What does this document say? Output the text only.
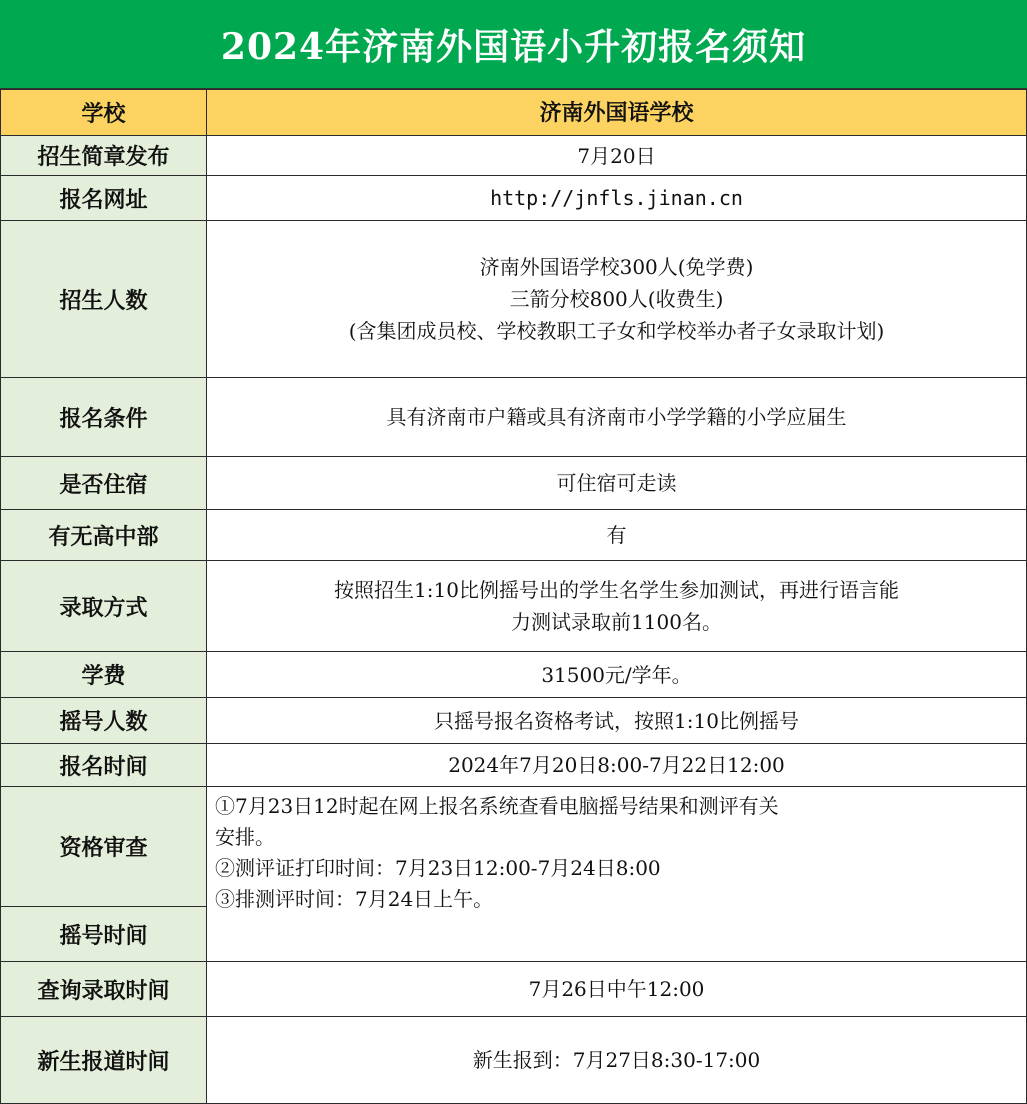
2024年济南外国语小升初报名须知
学校	济南外国语学校
招生简章发布	7月20日
报名网址	http://jnfls.jinan.cn
招生人数	济南外国语学校300人(免学费)
三箭分校800人(收费生)
(含集团成员校、学校教职工子女和学校举办者子女录取计划)

报名条件	具有济南市户籍或具有济南市小学学籍的小学应届生
是否住宿	可住宿可走读
有无高中部	有
录取方式	按照招生1:10比例摇号出的学生名学生参加测试，再进行语言能
力测试录取前1100名。

学费	31500元/学年。
摇号人数	只摇号报名资格考试，按照1:10比例摇号
报名时间	2024年7月20日8:00-7月22日12:00
资格审查	①7月23日12时起在网上报名系统查看电脑摇号结果和测评有关
安排。
②测评证打印时间：7月23日12:00-7月24日8:00
③排测评时间：7月24日上午。

摇号时间	
查询录取时间	7月26日中午12:00
新生报道时间	新生报到：7月27日8:30-17:00
